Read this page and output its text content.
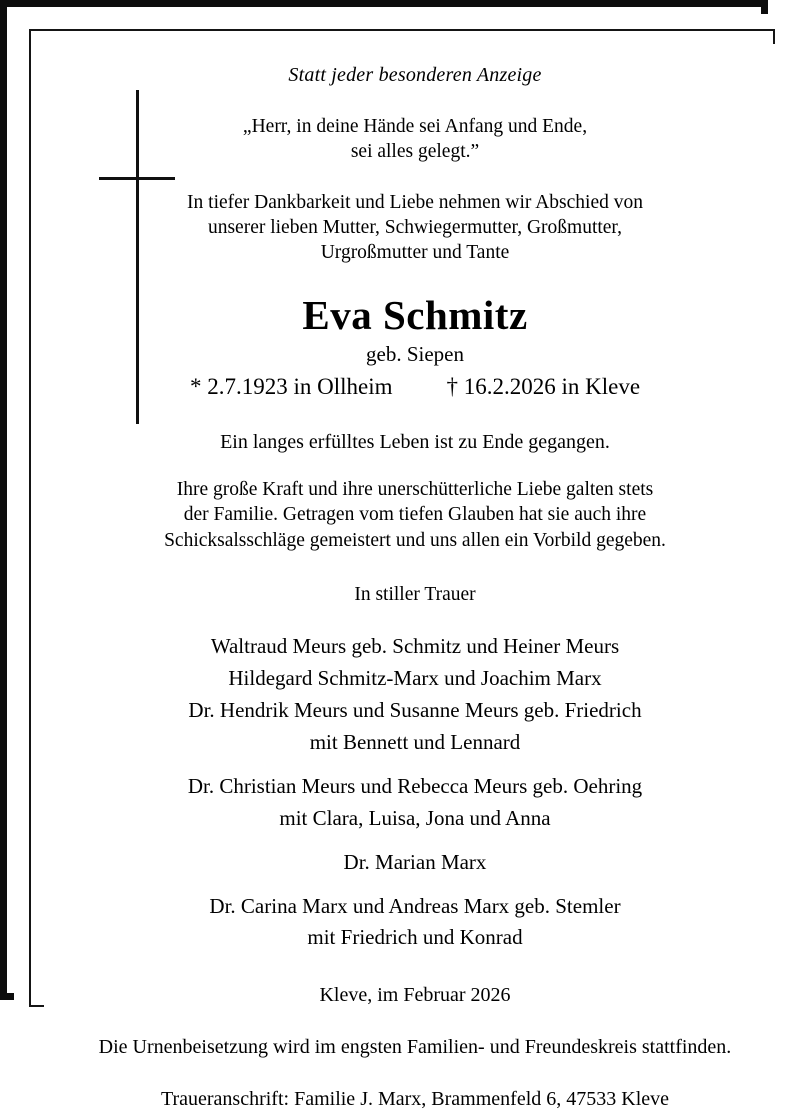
Statt jeder besonderen Anzeige
„Herr, in deine Hände sei Anfang und Ende,
sei alles gelegt.”
In tiefer Dankbarkeit und Liebe nehmen wir Abschied von
unserer lieben Mutter, Schwiegermutter, Großmutter,
Urgroßmutter und Tante
Eva Schmitz
geb. Siepen
* 2.7.1923 in Ollheim † 16.2.2026 in Kleve
Ein langes erfülltes Leben ist zu Ende gegangen.
Ihre große Kraft und ihre unerschütterliche Liebe galten stets
der Familie. Getragen vom tiefen Glauben hat sie auch ihre
Schicksalsschläge gemeistert und uns allen ein Vorbild gegeben.
In stiller Trauer
Waltraud Meurs geb. Schmitz und Heiner Meurs
Hildegard Schmitz-Marx und Joachim Marx
Dr. Hendrik Meurs und Susanne Meurs geb. Friedrich
mit Bennett und Lennard
Dr. Christian Meurs und Rebecca Meurs geb. Oehring
mit Clara, Luisa, Jona und Anna
Dr. Marian Marx
Dr. Carina Marx und Andreas Marx geb. Stemler
mit Friedrich und Konrad
Kleve, im Februar 2026
Die Urnenbeisetzung wird im engsten Familien- und Freundeskreis stattfinden.
Traueranschrift: Familie J. Marx, Brammenfeld 6, 47533 Kleve
